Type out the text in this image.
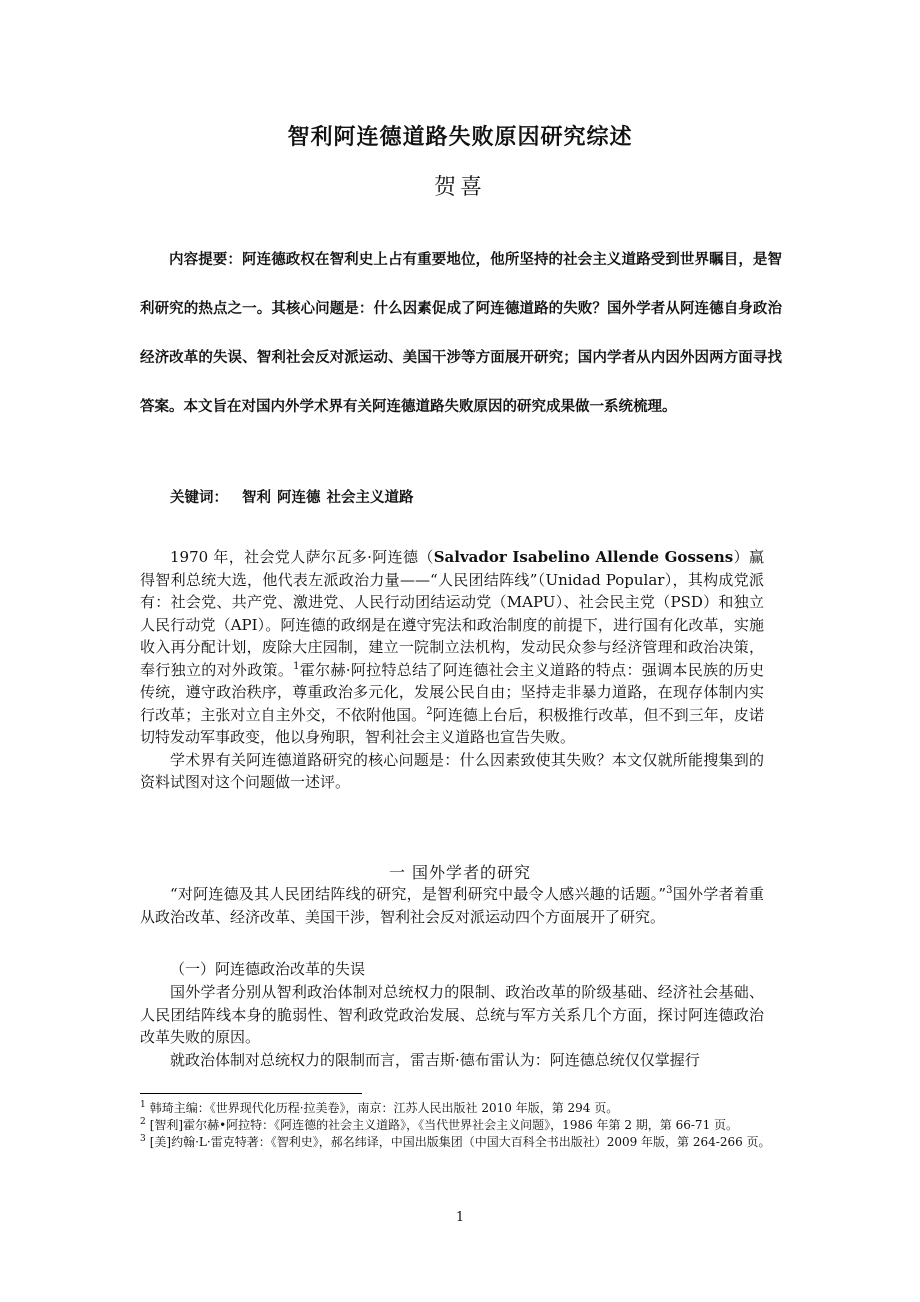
智利阿连德道路失败原因研究综述
贺喜

内容提要：阿连德政权在智利史上占有重要地位，他所坚持的社会主义道路受到世界瞩目，是智利研究的热点之一。其核心问题是：什么因素促成了阿连德道路的失败？国外学者从阿连德自身政治经济改革的失误、智利社会反对派运动、美国干涉等方面展开研究；国内学者从内因外因两方面寻找答案。本文旨在对国内外学术界有关阿连德道路失败原因的研究成果做一系统梳理。

关键词： 智利 阿连德 社会主义道路

1970 年，社会党人萨尔瓦多·阿连德（Salvador Isabelino Allende Gossens）赢得智利总统大选，他代表左派政治力量——“人民团结阵线”（Unidad Popular），其构成党派有：社会党、共产党、激进党、人民行动团结运动党（MAPU）、社会民主党（PSD）和独立人民行动党（API）。阿连德的政纲是在遵守宪法和政治制度的前提下，进行国有化改革，实施收入再分配计划，废除大庄园制，建立一院制立法机构，发动民众参与经济管理和政治决策，奉行独立的对外政策。$^1$霍尔赫·阿拉特总结了阿连德社会主义道路的特点：强调本民族的历史传统，遵守政治秩序，尊重政治多元化，发展公民自由；坚持走非暴力道路，在现存体制内实行改革；主张对立自主外交，不依附他国。$^2$阿连德上台后，积极推行改革，但不到三年，皮诺切特发动军事政变，他以身殉职，智利社会主义道路也宣告失败。

学术界有关阿连德道路研究的核心问题是：什么因素致使其失败？本文仅就所能搜集到的资料试图对这个问题做一述评。

一 国外学者的研究

“对阿连德及其人民团结阵线的研究，是智利研究中最令人感兴趣的话题。”$^3$国外学者着重从政治改革、经济改革、美国干涉，智利社会反对派运动四个方面展开了研究。

（一）阿连德政治改革的失误

国外学者分别从智利政治体制对总统权力的限制、政治改革的阶级基础、经济社会基础、人民团结阵线本身的脆弱性、智利政党政治发展、总统与军方关系几个方面，探讨阿连德政治改革失败的原因。

就政治体制对总统权力的限制而言，雷吉斯·德布雷认为：阿连德总统仅仅掌握行

$^1$ 韩琦主编：《世界现代化历程·拉美卷》，南京：江苏人民出版社 2010 年版，第 294 页。

$^2$ [智利]霍尔赫•阿拉特：《阿连德的社会主义道路》，《当代世界社会主义问题》，1986 年第 2 期，第 66-71 页。

$^3$ [美]约翰·L·雷克特著：《智利史》，郝名纬译，中国出版集团（中国大百科全书出版社）2009 年版，第 264-266 页。

1
